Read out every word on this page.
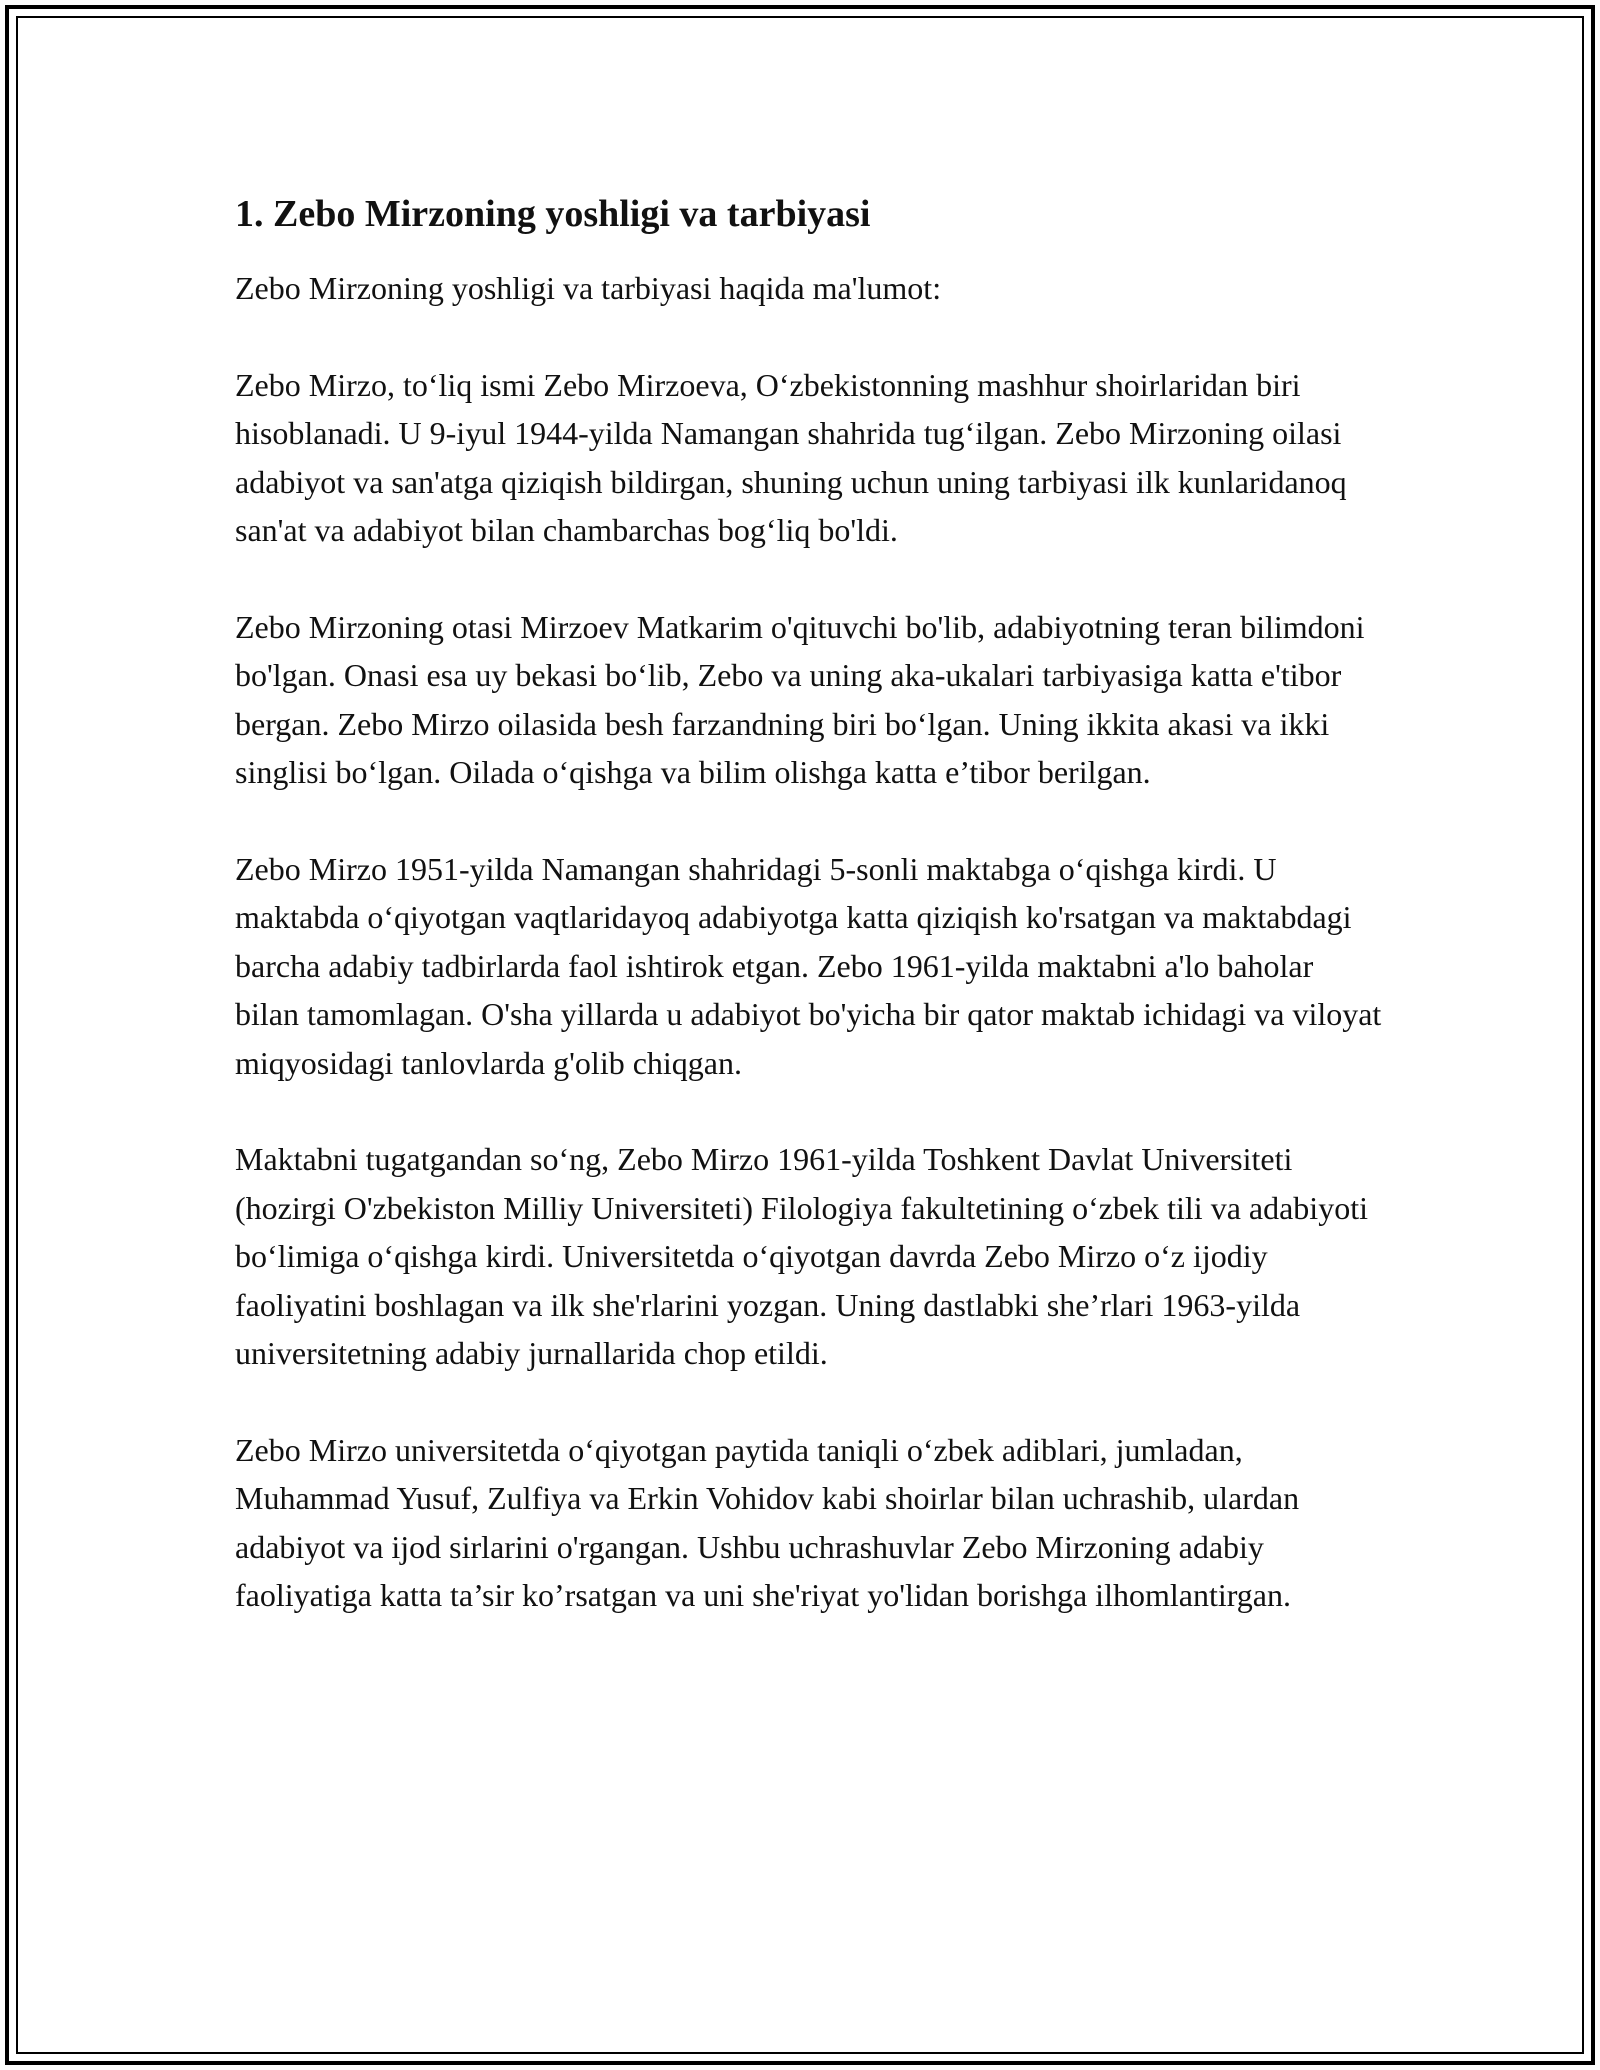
1. Zebo Mirzoning yoshligi va tarbiyasi

Zebo Mirzoning yoshligi va tarbiyasi haqida ma'lumot:

Zebo Mirzo, to‘liq ismi Zebo Mirzoeva, O‘zbekistonning mashhur shoirlaridan biri hisoblanadi. U 9-iyul 1944-yilda Namangan shahrida tug‘ilgan. Zebo Mirzoning oilasi adabiyot va san'atga qiziqish bildirgan, shuning uchun uning tarbiyasi ilk kunlaridanoq san'at va adabiyot bilan chambarchas bog‘liq bo'ldi.

Zebo Mirzoning otasi Mirzoev Matkarim o'qituvchi bo'lib, adabiyotning teran bilimdoni bo'lgan. Onasi esa uy bekasi bo‘lib, Zebo va uning aka-ukalari tarbiyasiga katta e'tibor bergan. Zebo Mirzo oilasida besh farzandning biri bo‘lgan. Uning ikkita akasi va ikki singlisi bo‘lgan. Oilada o‘qishga va bilim olishga katta e’tibor berilgan.

Zebo Mirzo 1951-yilda Namangan shahridagi 5-sonli maktabga o‘qishga kirdi. U maktabda o‘qiyotgan vaqtlaridayoq adabiyotga katta qiziqish ko'rsatgan va maktabdagi barcha adabiy tadbirlarda faol ishtirok etgan. Zebo 1961-yilda maktabni a'lo baholar bilan tamomlagan. O'sha yillarda u adabiyot bo'yicha bir qator maktab ichidagi va viloyat miqyosidagi tanlovlarda g'olib chiqgan.

Maktabni tugatgandan so‘ng, Zebo Mirzo 1961-yilda Toshkent Davlat Universiteti (hozirgi O'zbekiston Milliy Universiteti) Filologiya fakultetining o‘zbek tili va adabiyoti bo‘limiga o‘qishga kirdi. Universitetda o‘qiyotgan davrda Zebo Mirzo o‘z ijodiy faoliyatini boshlagan va ilk she'rlarini yozgan. Uning dastlabki she’rlari 1963-yilda universitetning adabiy jurnallarida chop etildi.

Zebo Mirzo universitetda o‘qiyotgan paytida taniqli o‘zbek adiblari, jumladan, Muhammad Yusuf, Zulfiya va Erkin Vohidov kabi shoirlar bilan uchrashib, ulardan adabiyot va ijod sirlarini o'rgangan. Ushbu uchrashuvlar Zebo Mirzoning adabiy faoliyatiga katta ta’sir ko’rsatgan va uni she'riyat yo'lidan borishga ilhomlantirgan.
